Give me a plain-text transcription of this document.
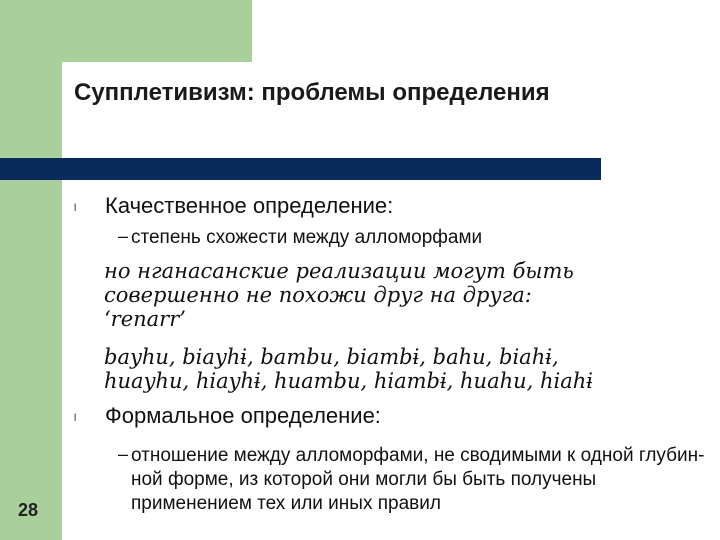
Супплетивизм: проблемы определения
l Качественное определение:
– степень схожести между алломорфами
но нганасанские реализации могут быть
совершенно не похожи друг на друга:
‘renarr’
bayhu, biayhɨ, bambu, biambɨ, bahu, biahɨ,
huayhu, hiayhɨ, huambu, hiambɨ, huahu, hiahɨ
l Формальное определение:
– отношение между алломорфами, не сводимыми к одной глубин-ной форме, из которой они могли бы быть получены применением тех или иных правил
28
